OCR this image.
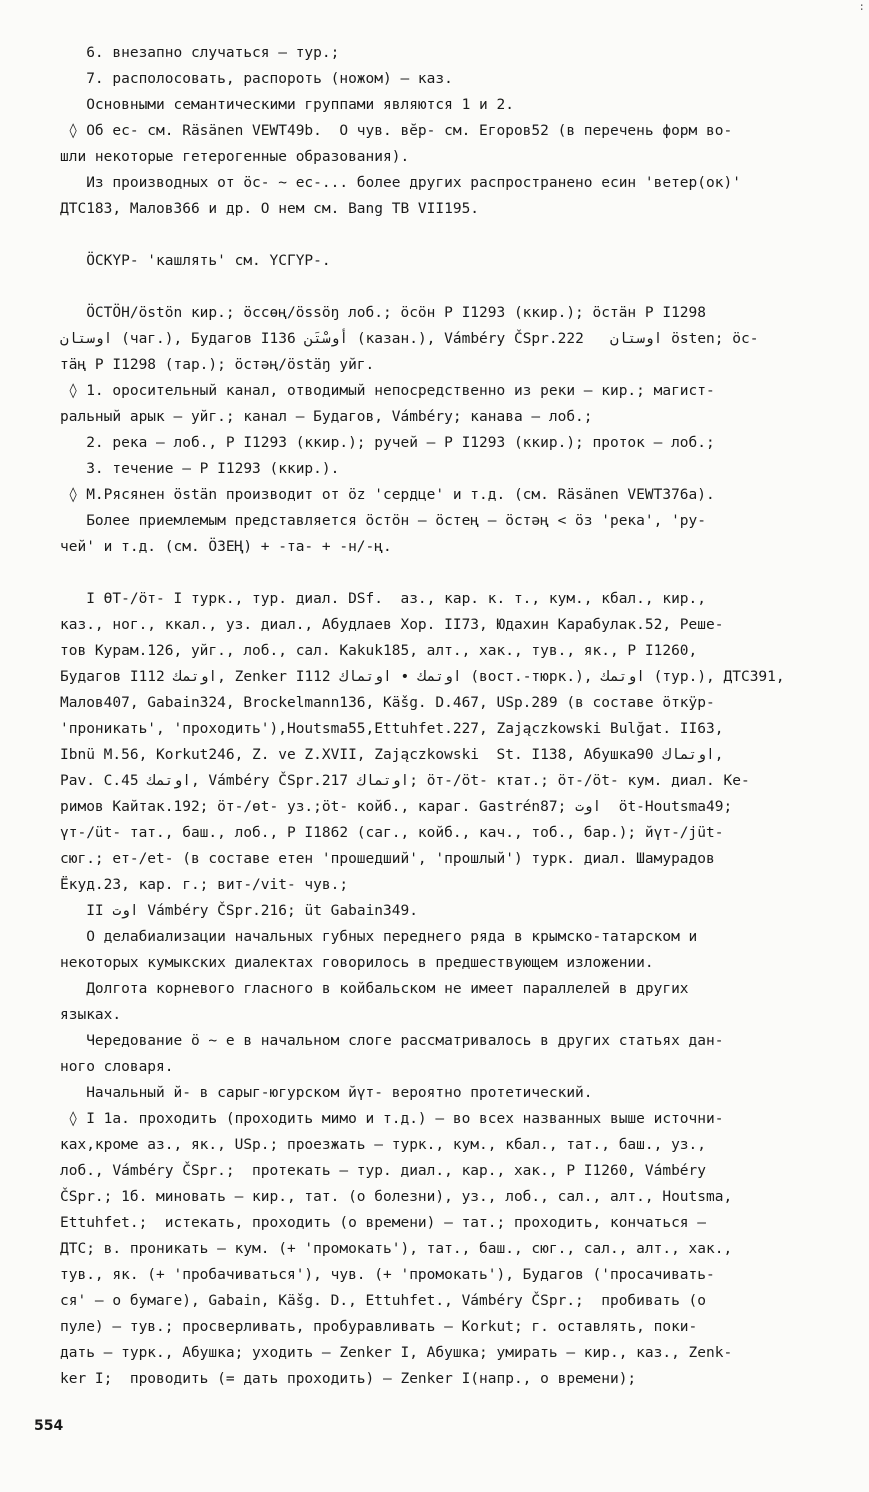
:
6. внезапно случаться – тур.;
7. располосовать, распороть (ножом) – каз.
Основными семантическими группами являются 1 и 2.
◊ Об ес- см. Räsänen VEWT49b.  О чув. вĕр- см. Егоров52 (в перечень форм во-
шли некоторые гетерогенные образования).
Из производных от ӧс- ~ ес-... более других распространено есин 'ветер(ок)'
ДТС183, Малов366 и др. О нем см. Bang TB VII195.
ӦСКҮР- 'кашлять' см. ҮСГҮР-.
ӦСТӦН/östön кир.; ӧссөң/össöŋ лоб.; ӧсӧн Р I1293 (ккир.); ӧстӓн Р I1298
اوستان (чаг.), Будагов I136 أوسْتَن (казан.), Vámbéry ČSpr.222   اوستان östen; ӧс-
тӓң Р I1298 (тар.); ӧстәң/östäŋ уйг.
◊ 1. оросительный канал, отводимый непосредственно из реки – кир.; магист-
ральный арык – уйг.; канал – Будагов, Vámbéry; канава – лоб.;
2. река – лоб., Р I1293 (ккир.); ручей – Р I1293 (ккир.); проток – лоб.;
3. течение – Р I1293 (ккир.).
◊ М.Рясянен östän производит от öz 'сердце' и т.д. (см. Räsänen VEWT376a).
Более приемлемым представляется ӧстӧн – ӧстең – ӧстәң < ӧз 'река', 'ру-
чей' и т.д. (см. ӦЗЕҢ) + -та- + -н/-ң.
I ӨТ-/öт- I турк., тур. диал. DSf.  аз., кар. к. т., кум., кбал., кир.,
каз., ног., ккал., уз. диал., Абудлаев Хор. II73, Юдахин Карабулак.52, Реше-
тов Курам.126, уйг., лоб., сал. Kakuk185, алт., хак., тув., як., Р I1260,
Будагов I112 اوتمك, Zenker I112 اوتمك • اوتماك (вост.-тюрк.), اوتمك (тур.), ДТС391,
Малов407, Gabain324, Brockelmann136, Käšg. D.467, USp.289 (в составе ӧткӱр-
'проникать', 'проходить'),Houtsma55,Ettuhfet.227, Zajączkowski Bulğat. II63,
Ibnü M.56, Korkut246, Z. ve Z.XVII, Zajączkowski  St. I138, Абушка90 اوتماك,
Pav. C.45 اوتمك, Vámbéry ČSpr.217 اوتماك; ӧт-/öt- ктат.; ӧт-/öt- кум. диал. Ке-
римов Кайтак.192; ӧт-/өt- уз.;öt- койб., караг. Gastrén87; اوت  öt-Houtsma49;
үт-/üt- тат., баш., лоб., Р I1862 (саг., койб., кач., тоб., бар.); йүт-/jüt-
сюг.; ет-/et- (в составе етен 'прошедший', 'прошлый') турк. диал. Шамурадов
Ёкуд.23, кар. г.; вит-/vit- чув.;
II اوت Vámbéry ČSpr.216; üt Gabain349.
О делабиализации начальных губных переднего ряда в крымско-татарском и
некоторых кумыкских диалектах говорилось в предшествующем изложении.
Долгота корневого гласного в койбальском не имеет параллелей в других
языках.
Чередование ӧ ~ е в начальном слоге рассматривалось в других статьях дан-
ного словаря.
Начальный й- в сарыг-югурском йүт- вероятно протетический.
◊ I 1а. проходить (проходить мимо и т.д.) – во всех названных выше источни-
ках,кроме аз., як., USp.; проезжать – турк., кум., кбал., тат., баш., уз.,
лоб., Vámbéry ČSpr.;  протекать – тур. диал., кар., хак., Р I1260, Vámbéry
ČSpr.; 1б. миновать – кир., тат. (о болезни), уз., лоб., сал., алт., Houtsma,
Ettuhfet.;  истекать, проходить (о времени) – тат.; проходить, кончаться –
ДТС; в. проникать – кум. (+ 'промокать'), тат., баш., сюг., сал., алт., хак.,
тув., як. (+ 'пробачиваться'), чув. (+ 'промокать'), Будагов ('просачивать-
ся' – о бумаге), Gabain, Käšg. D., Ettuhfet., Vámbéry ČSpr.;  пробивать (о
пуле) – тув.; просверливать, пробуравливать – Korkut; г. оставлять, поки-
дать – турк., Абушка; уходить – Zenker I, Абушка; умирать – кир., каз., Zenk-
ker I;  проводить (= дать проходить) – Zenker I(напр., о времени);
554
